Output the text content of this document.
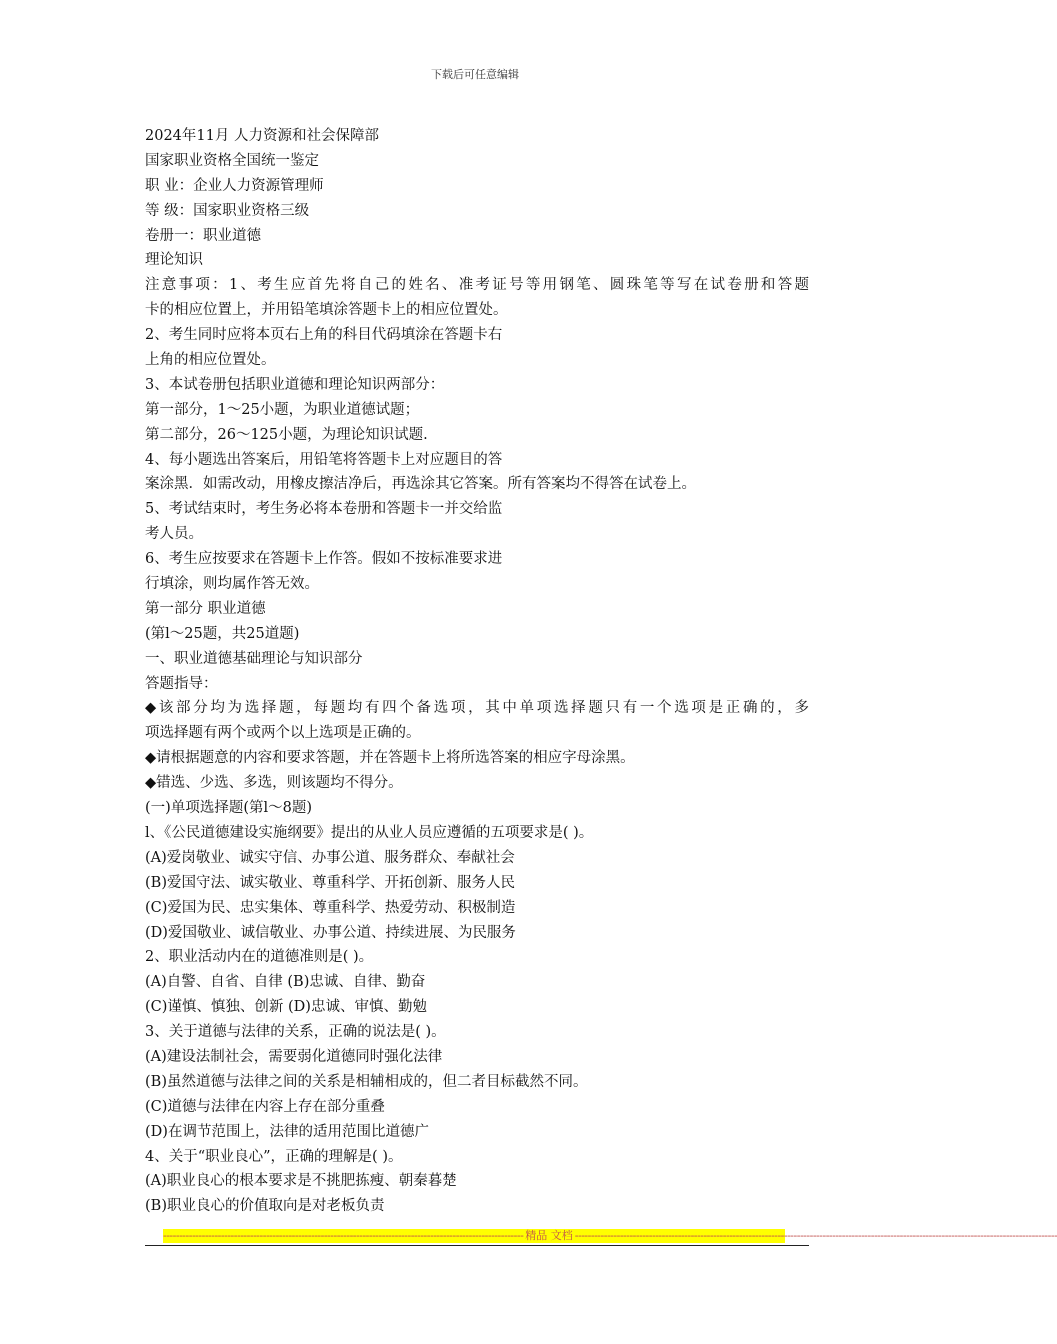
下载后可任意编辑
2024年11月 人力资源和社会保障部
国家职业资格全国统一鉴定
职 业：企业人力资源管理师
等 级：国家职业资格三级
卷册一：职业道德
理论知识
注意事项：1、考生应首先将自己的姓名、准考证号等用钢笔、圆珠笔等写在试卷册和答题
卡的相应位置上，并用铅笔填涂答题卡上的相应位置处。
2、考生同时应将本页右上角的科目代码填涂在答题卡右
上角的相应位置处。
3、本试卷册包括职业道德和理论知识两部分：
第一部分，1～25小题，为职业道德试题；
第二部分，26～125小题，为理论知识试题.
4、每小题选出答案后，用铅笔将答题卡上对应题目的答
案涂黑．如需改动，用橡皮擦洁净后，再选涂其它答案。所有答案均不得答在试卷上。
5、考试结束时，考生务必将本卷册和答题卡一并交给监
考人员。
6、考生应按要求在答题卡上作答。假如不按标准要求进
行填涂，则均属作答无效。
第一部分 职业道德
(第l～25题，共25道题)
一、职业道德基础理论与知识部分
答题指导：
◆该部分均为选择题，每题均有四个备选项，其中单项选择题只有一个选项是正确的，多
项选择题有两个或两个以上选项是正确的。
◆请根据题意的内容和要求答题，并在答题卡上将所选答案的相应字母涂黑。
◆错选、少选、多选，则该题均不得分。
(一)单项选择题(第l～8题)
l、《公民道德建设实施纲要》提出的从业人员应遵循的五项要求是( )。
(A)爱岗敬业、诚实守信、办事公道、服务群众、奉献社会
(B)爱国守法、诚实敬业、尊重科学、开拓创新、服务人民
(C)爱国为民、忠实集体、尊重科学、热爱劳动、积极制造
(D)爱国敬业、诚信敬业、办事公道、持续进展、为民服务
2、职业活动内在的道德准则是( )。
(A)自警、自省、自律 (B)忠诚、自律、勤奋
(C)谨慎、慎独、创新 (D)忠诚、审慎、勤勉
3、关于道德与法律的关系，正确的说法是( )。
(A)建设法制社会，需要弱化道德同时强化法律
(B)虽然道德与法律之间的关系是相辅相成的，但二者目标截然不同。
(C)道德与法律在内容上存在部分重叠
(D)在调节范围上，法律的适用范围比道德广
4、关于“职业良心”，正确的理解是( )。
(A)职业良心的根本要求是不挑肥拣瘦、朝秦暮楚
(B)职业良心的价值取向是对老板负责
---------------------------------------------------------------------------------------------------------------- 精品 文档 ------------------------------------------------------------------------------------------------------------------------------------------------------
